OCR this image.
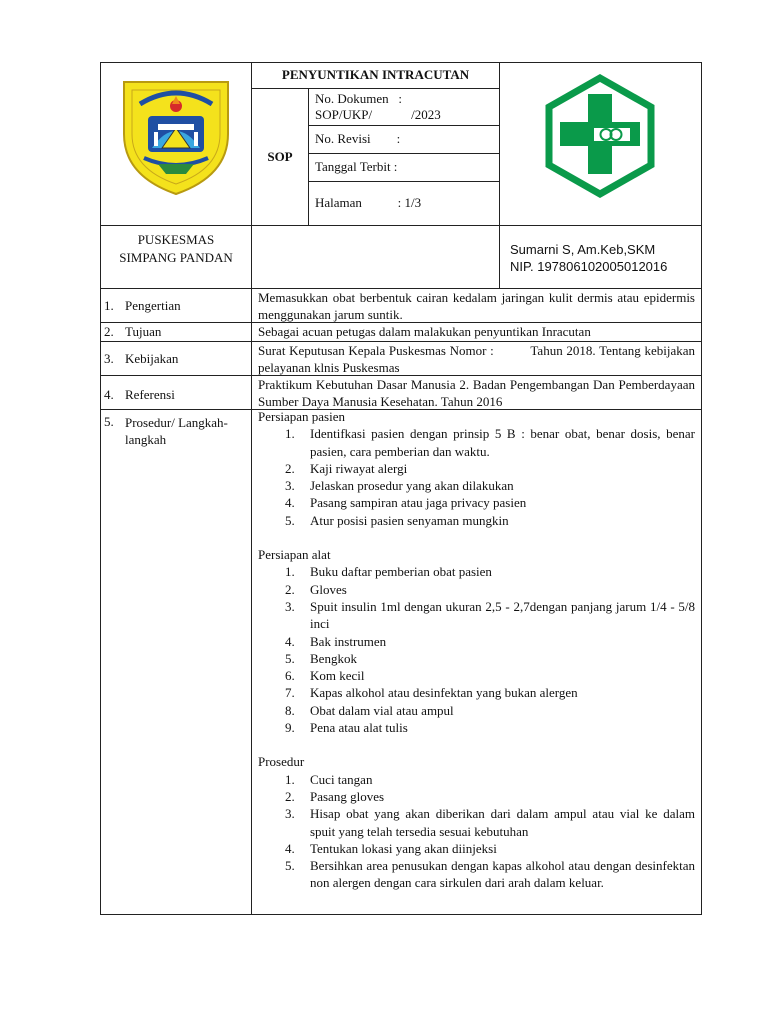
PENYUNTIKAN INTRACUTAN
SOP
No. Dokumen   :
SOP/UKP/            /2023
No. Revisi        :
Tanggal Terbit :
Halaman           : 1/3
PUSKESMAS
SIMPANG PANDAN
Sumarni S, Am.Keb,SKM
NIP. 197806102005012016
1. Pengertian
2. Tujuan
3. Kebijakan
4. Referensi
5. Prosedur/ Langkah-
langkah
Memasukkan obat berbentuk cairan kedalam jaringan kulit dermis atau epidermis menggunakan jarum suntik.
Sebagai acuan petugas dalam malakukan penyuntikan Inracutan
Surat Keputusan Kepala Puskesmas Nomor :          Tahun 2018. Tentang kebijakan pelayanan klnis Puskesmas
Praktikum Kebutuhan Dasar Manusia 2. Badan Pengembangan Dan Pemberdayaan Sumber Daya Manusia Kesehatan. Tahun 2016
Persiapan pasien
1. Identifkasi pasien dengan prinsip 5 B : benar obat, benar dosis, benar pasien, cara pemberian dan waktu.
2. Kaji riwayat alergi
3. Jelaskan prosedur yang akan dilakukan
4. Pasang sampiran atau jaga privacy pasien
5. Atur posisi pasien senyaman mungkin
Persiapan alat
1. Buku daftar pemberian obat pasien
2. Gloves
3. Spuit insulin 1ml dengan ukuran 2,5 - 2,7dengan panjang jarum 1/4 - 5/8 inci
4. Bak instrumen
5. Bengkok
6. Kom kecil
7. Kapas alkohol atau desinfektan yang bukan alergen
8. Obat dalam vial atau ampul
9. Pena atau alat tulis
Prosedur
1. Cuci tangan
2. Pasang gloves
3. Hisap obat yang akan diberikan dari dalam ampul atau vial ke dalam spuit yang telah tersedia sesuai kebutuhan
4. Tentukan lokasi yang akan diinjeksi
5. Bersihkan area penusukan dengan kapas alkohol atau dengan desinfektan non alergen dengan cara sirkulen dari arah dalam keluar.
